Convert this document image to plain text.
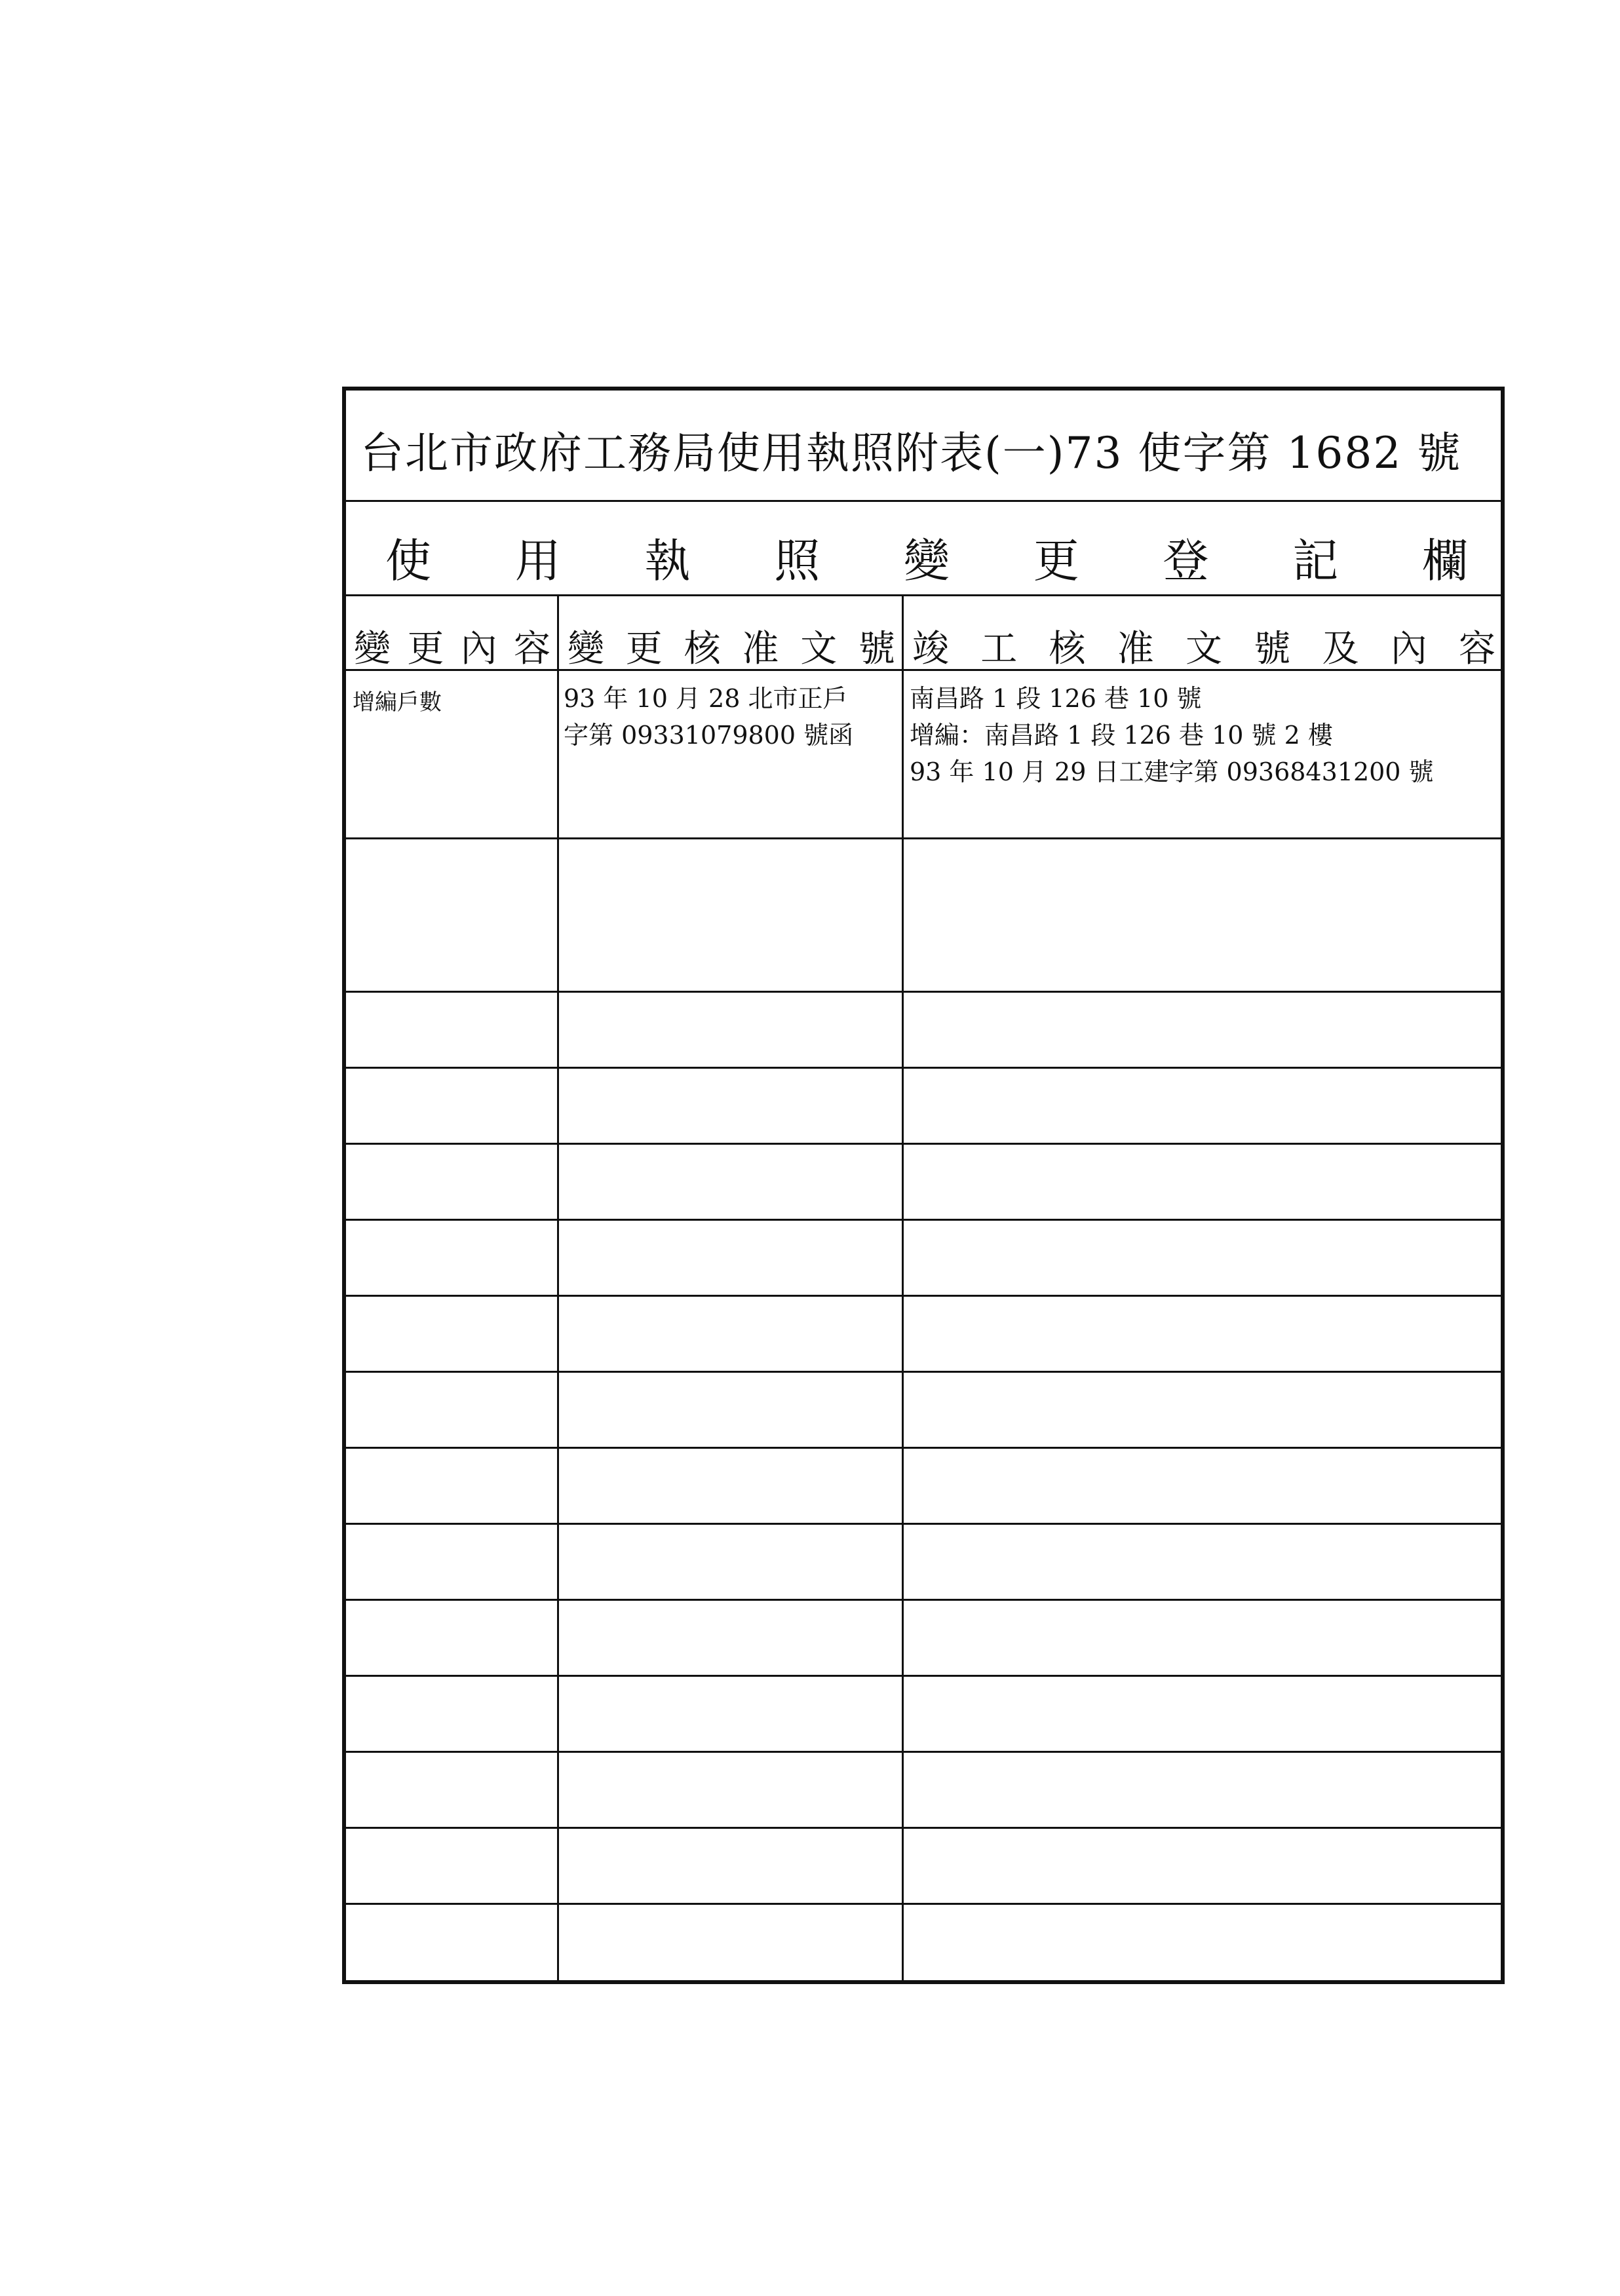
台北市政府工務局使用執照附表(一)73 使字第 1682 號
使 用 執 照 變 更 登 記 欄
變 更 內 容 變 更 核 准 文 號 竣 工 核 准 文 號 及 內 容
增編戶數	93 年 10 月 28 北市正戶
字第 09331079800 號函
南昌路 1 段 126 巷 10 號
增編：南昌路 1 段 126 巷 10 號 2 樓
93 年 10 月 29 日工建字第 09368431200 號
